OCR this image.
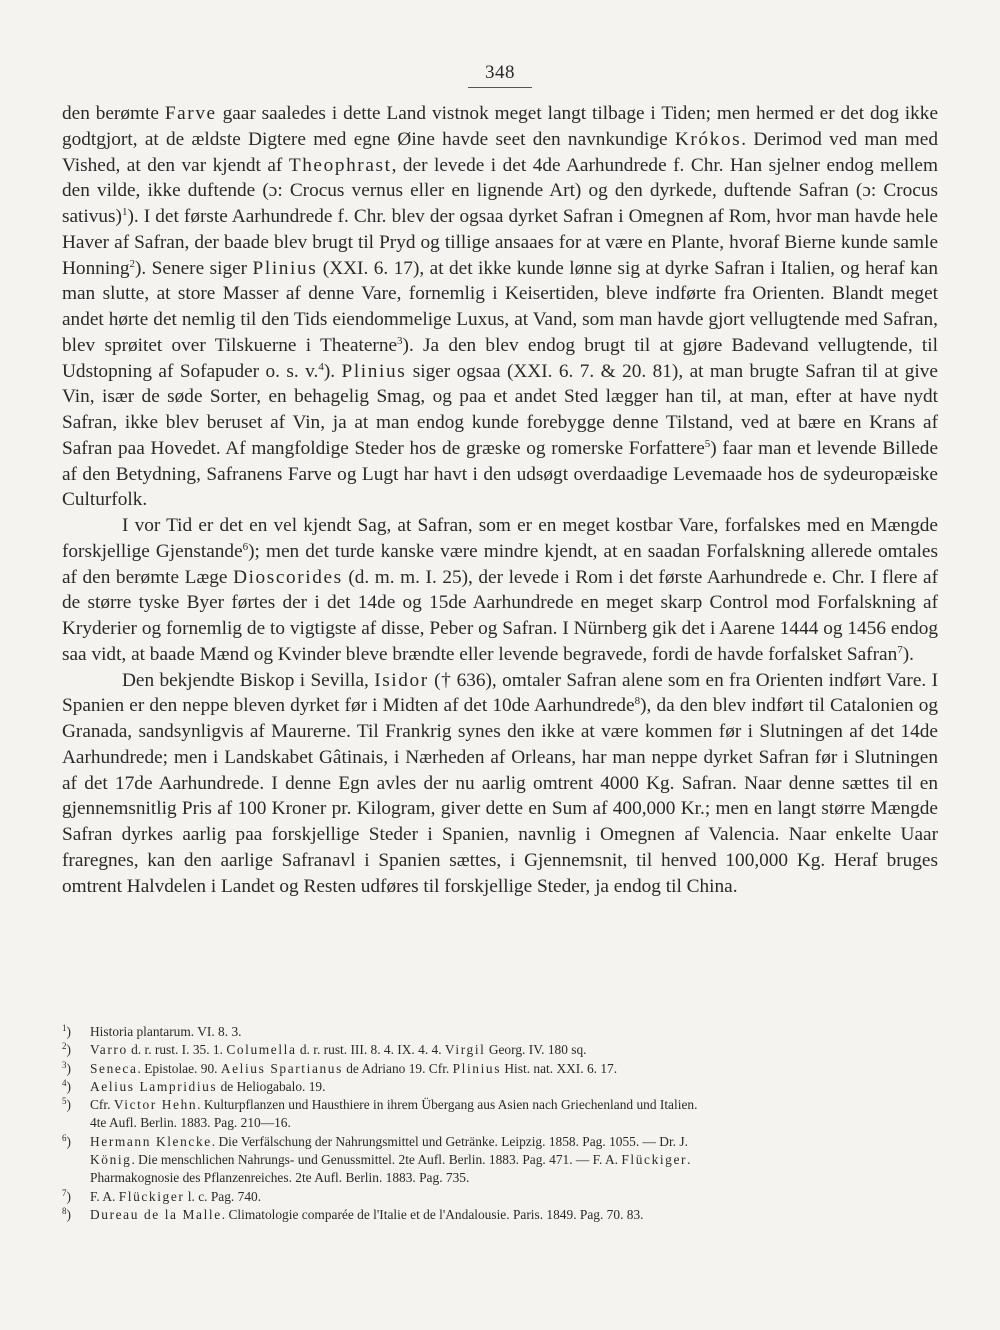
348

den berømte Farve gaar saaledes i dette Land vistnok meget langt tilbage i Tiden; men hermed er det dog ikke godtgjort, at de ældste Digtere med egne Øine havde seet den navnkundige Krókos. Derimod ved man med Vished, at den var kjendt af Theophrast, der levede i det 4de Aarhundrede f. Chr. Han sjelner endog mellem den vilde, ikke duftende (ɔ: Crocus vernus eller en lignende Art) og den dyrkede, duftende Safran (ɔ: Crocus sativus)$^1$). I det første Aarhundrede f. Chr. blev der ogsaa dyrket Safran i Omegnen af Rom, hvor man havde hele Haver af Safran, der baade blev brugt til Pryd og tillige ansaaes for at være en Plante, hvoraf Bierne kunde samle Honning$^2$). Senere siger Plinius (XXI. 6. 17), at det ikke kunde lønne sig at dyrke Safran i Italien, og heraf kan man slutte, at store Masser af denne Vare, fornemlig i Keisertiden, bleve indførte fra Orienten. Blandt meget andet hørte det nemlig til den Tids eiendommelige Luxus, at Vand, som man havde gjort vellugtende med Safran, blev sprøitet over Tilskuerne i Theaterne$^3$). Ja den blev endog brugt til at gjøre Badevand vellugtende, til Udstopning af Sofapuder o. s. v.$^4$). Plinius siger ogsaa (XXI. 6. 7. & 20. 81), at man brugte Safran til at give Vin, især de søde Sorter, en behagelig Smag, og paa et andet Sted lægger han til, at man, efter at have nydt Safran, ikke blev beruset af Vin, ja at man endog kunde forebygge denne Tilstand, ved at bære en Krans af Safran paa Hovedet. Af mangfoldige Steder hos de græske og romerske Forfattere$^5$) faar man et levende Billede af den Betydning, Safranens Farve og Lugt har havt i den udsøgt overdaadige Levemaade hos de sydeuropæiske Culturfolk.

I vor Tid er det en vel kjendt Sag, at Safran, som er en meget kostbar Vare, forfalskes med en Mængde forskjellige Gjenstande$^6$); men det turde kanske være mindre kjendt, at en saadan Forfalskning allerede omtales af den berømte Læge Dioscorides (d. m. m. I. 25), der levede i Rom i det første Aarhundrede e. Chr. I flere af de større tyske Byer førtes der i det 14de og 15de Aarhundrede en meget skarp Control mod Forfalskning af Kryderier og fornemlig de to vigtigste af disse, Peber og Safran. I Nürnberg gik det i Aarene 1444 og 1456 endog saa vidt, at baade Mænd og Kvinder bleve brændte eller levende begravede, fordi de havde forfalsket Safran$^7$).

Den bekjendte Biskop i Sevilla, Isidor († 636), omtaler Safran alene som en fra Orienten indført Vare. I Spanien er den neppe bleven dyrket før i Midten af det 10de Aarhundrede$^8$), da den blev indført til Catalonien og Granada, sandsynligvis af Maurerne. Til Frankrig synes den ikke at være kommen før i Slutningen af det 14de Aarhundrede; men i Landskabet Gâtinais, i Nærheden af Orleans, har man neppe dyrket Safran før i Slutningen af det 17de Aarhundrede. I denne Egn avles der nu aarlig omtrent 4000 Kg. Safran. Naar denne sættes til en gjennemsnitlig Pris af 100 Kroner pr. Kilogram, giver dette en Sum af 400,000 Kr.; men en langt større Mængde Safran dyrkes aarlig paa forskjellige Steder i Spanien, navnlig i Omegnen af Valencia. Naar enkelte Uaar fraregnes, kan den aarlige Safranavl i Spanien sættes, i Gjennemsnit, til henved 100,000 Kg. Heraf bruges omtrent Halvdelen i Landet og Resten udføres til forskjellige Steder, ja endog til China.

$^1$)	Historia plantarum. VI. 8. 3.
$^2$)	Varro d. r. rust. I. 35. 1. Columella d. r. rust. III. 8. 4. IX. 4. 4. Virgil Georg. IV. 180 sq.
$^3$)	Seneca. Epistolae. 90. Aelius Spartianus de Adriano 19. Cfr. Plinius Hist. nat. XXI. 6. 17.
$^4$)	Aelius Lampridius de Heliogabalo. 19.
$^5$)	Cfr. Victor Hehn. Kulturpflanzen und Hausthiere in ihrem Übergang aus Asien nach Griechenland und Italien.
4te Aufl. Berlin. 1883. Pag. 210—16.
$^6$)	Hermann Klencke. Die Verfälschung der Nahrungsmittel und Getränke. Leipzig. 1858. Pag. 1055. — Dr. J.
König. Die menschlichen Nahrungs- und Genussmittel. 2te Aufl. Berlin. 1883. Pag. 471. — F. A. Flückiger.
Pharmakognosie des Pflanzenreiches. 2te Aufl. Berlin. 1883. Pag. 735.
$^7$)	F. A. Flückiger l. c. Pag. 740.
$^8$)	Dureau de la Malle. Climatologie comparée de l'Italie et de l'Andalousie. Paris. 1849. Pag. 70. 83.
